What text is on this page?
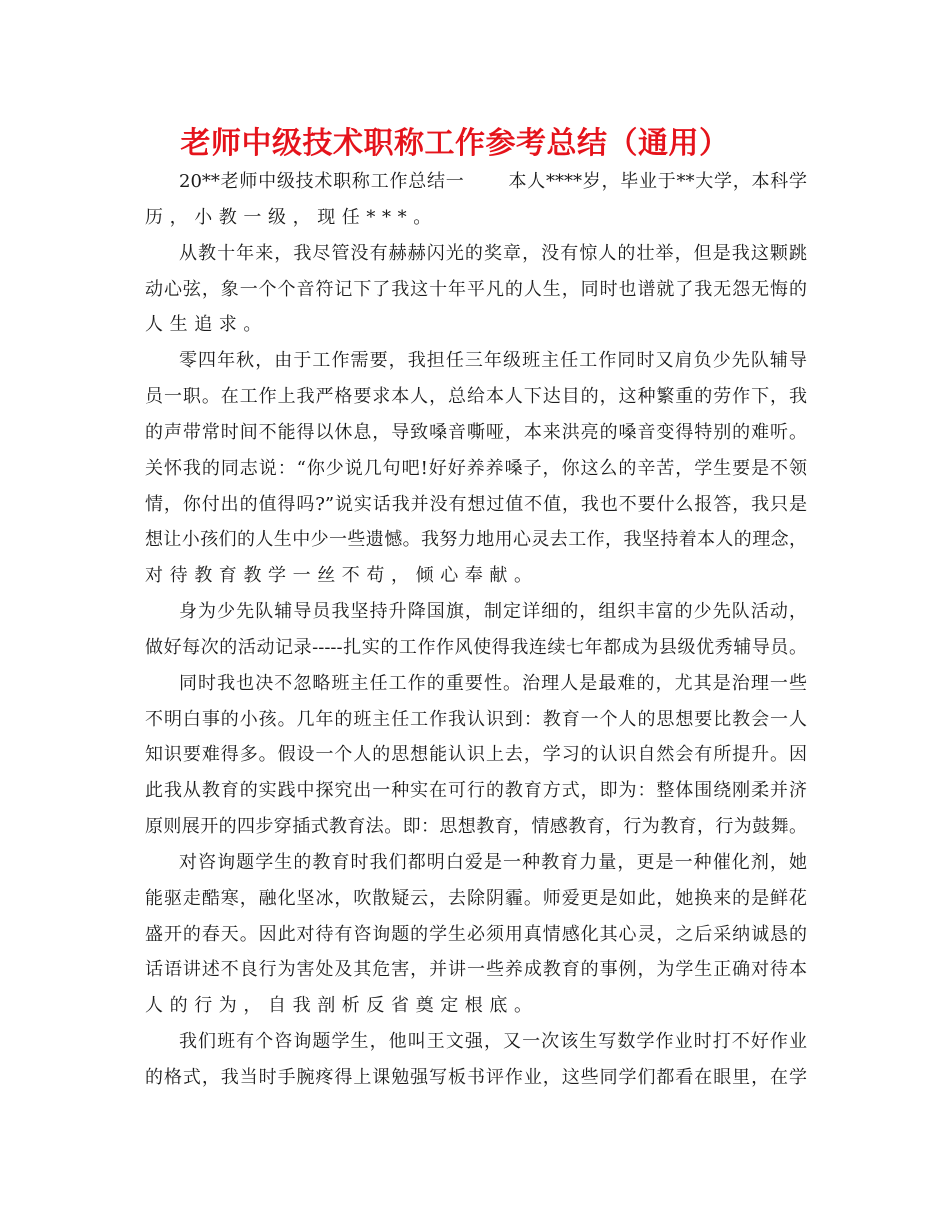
老师中级技术职称工作参考总结（通用）
20**老师中级技术职称工作总结一　　 本人****岁，毕业于**大学，本科学
历，小教一级，现任***。
从教十年来，我尽管没有赫赫闪光的奖章，没有惊人的壮举，但是我这颗跳
动心弦，象一个个音符记下了我这十年平凡的人生，同时也谱就了我无怨无悔的
人生追求。
零四年秋，由于工作需要，我担任三年级班主任工作同时又肩负少先队辅导
员一职。在工作上我严格要求本人，总给本人下达目的，这种繁重的劳作下，我
的声带常时间不能得以休息，导致嗓音嘶哑，本来洪亮的嗓音变得特别的难听。
关怀我的同志说：“你少说几句吧!好好养养嗓子，你这么的辛苦，学生要是不领
情，你付出的值得吗?”说实话我并没有想过值不值，我也不要什么报答，我只是
想让小孩们的人生中少一些遗憾。我努力地用心灵去工作，我坚持着本人的理念，
对待教育教学一丝不苟，倾心奉献。
身为少先队辅导员我坚持升降国旗，制定详细的，组织丰富的少先队活动，
做好每次的活动记录-----扎实的工作作风使得我连续七年都成为县级优秀辅导员。
同时我也决不忽略班主任工作的重要性。治理人是最难的，尤其是治理一些
不明白事的小孩。几年的班主任工作我认识到：教育一个人的思想要比教会一人
知识要难得多。假设一个人的思想能认识上去，学习的认识自然会有所提升。因
此我从教育的实践中探究出一种实在可行的教育方式，即为：整体围绕刚柔并济
原则展开的四步穿插式教育法。即：思想教育，情感教育，行为教育，行为鼓舞。
对咨询题学生的教育时我们都明白爱是一种教育力量，更是一种催化剂，她
能驱走酷寒，融化坚冰，吹散疑云，去除阴霾。师爱更是如此，她换来的是鲜花
盛开的春天。因此对待有咨询题的学生必须用真情感化其心灵，之后采纳诚恳的
话语讲述不良行为害处及其危害，并讲一些养成教育的事例，为学生正确对待本
人的行为，自我剖析反省奠定根底。
我们班有个咨询题学生，他叫王文强，又一次该生写数学作业时打不好作业
的格式，我当时手腕疼得上课勉强写板书评作业，这些同学们都看在眼里，在学
